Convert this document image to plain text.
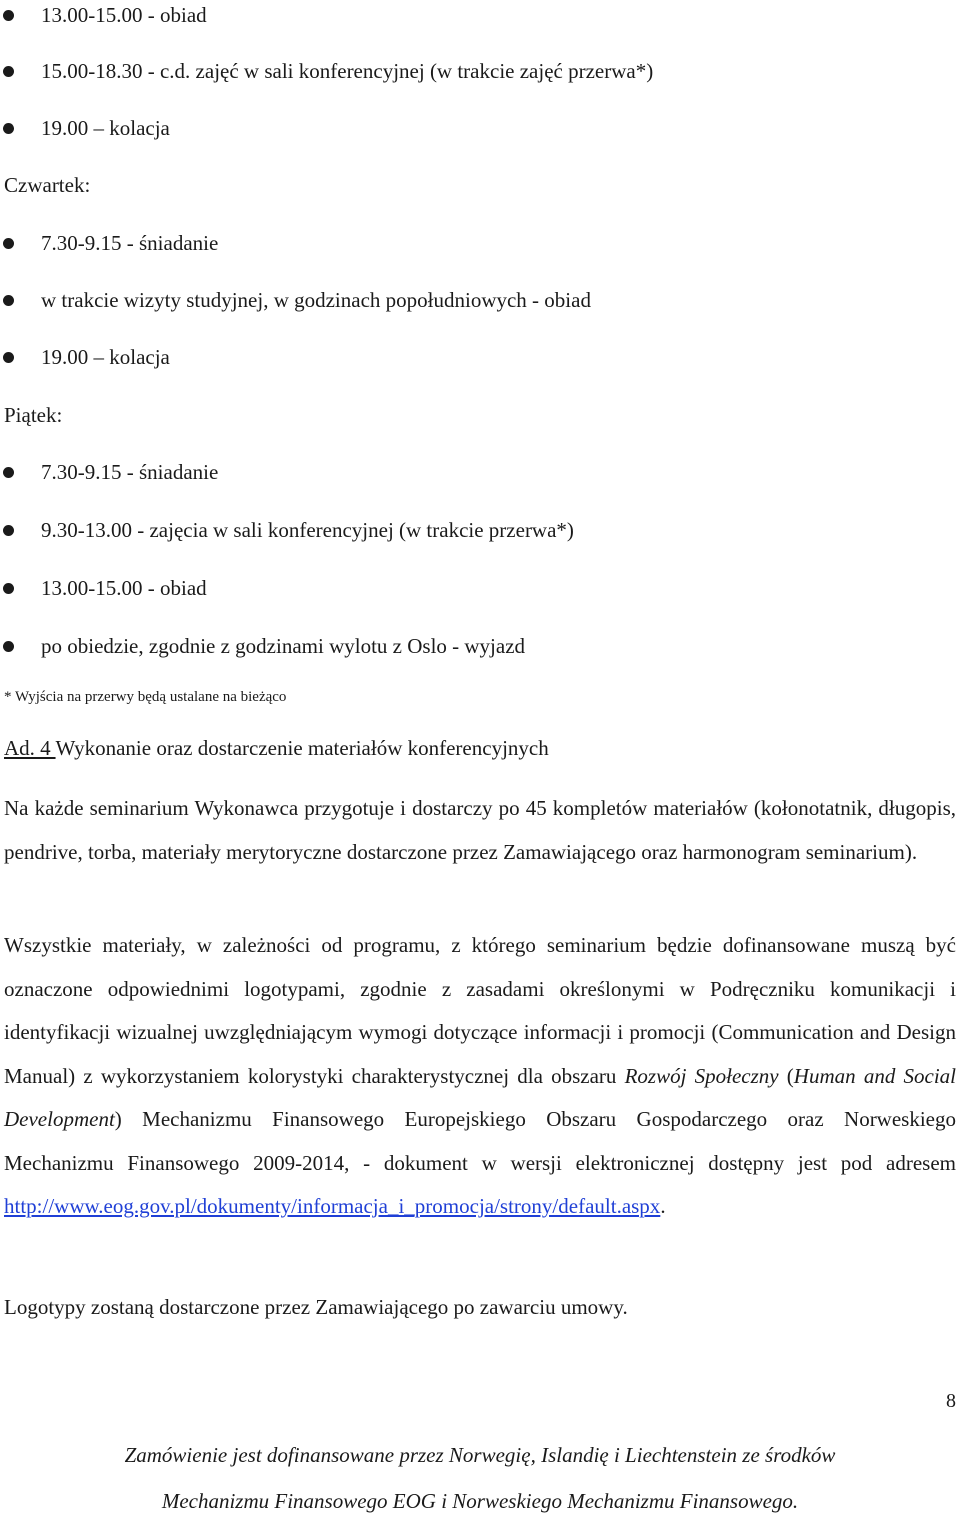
13.00-15.00 - obiad
15.00-18.30 - c.d. zajęć w sali konferencyjnej (w trakcie zajęć przerwa*)
19.00 – kolacja
Czwartek:
7.30-9.15 - śniadanie
w trakcie wizyty studyjnej, w godzinach popołudniowych - obiad
19.00 – kolacja
Piątek:
7.30-9.15 - śniadanie
9.30-13.00 - zajęcia w sali konferencyjnej (w trakcie przerwa*)
13.00-15.00 - obiad
po obiedzie, zgodnie z godzinami wylotu z Oslo - wyjazd
* Wyjścia na przerwy będą ustalane na bieżąco
Ad. 4 Wykonanie oraz dostarczenie materiałów konferencyjnych
Na każde seminarium Wykonawca przygotuje i dostarczy po 45 kompletów materiałów (kołonotatnik, długopis, pendrive, torba, materiały merytoryczne dostarczone przez Zamawiającego oraz harmonogram seminarium).
Wszystkie materiały, w zależności od programu, z którego seminarium będzie dofinansowane muszą być oznaczone odpowiednimi logotypami, zgodnie z zasadami określonymi w Podręczniku komunikacji i identyfikacji wizualnej uwzględniającym wymogi dotyczące informacji i promocji (Communication and Design Manual) z wykorzystaniem kolorystyki charakterystycznej dla obszaru Rozwój Społeczny (Human and Social Development) Mechanizmu Finansowego Europejskiego Obszaru Gospodarczego oraz Norweskiego Mechanizmu Finansowego 2009-2014, - dokument w wersji elektronicznej dostępny jest pod adresem http://www.eog.gov.pl/dokumenty/informacja_i_promocja/strony/default.aspx.
Logotypy zostaną dostarczone przez Zamawiającego po zawarciu umowy.
8
Zamówienie jest dofinansowane przez Norwegię, Islandię i Liechtenstein ze środków
Mechanizmu Finansowego EOG i Norweskiego Mechanizmu Finansowego.
